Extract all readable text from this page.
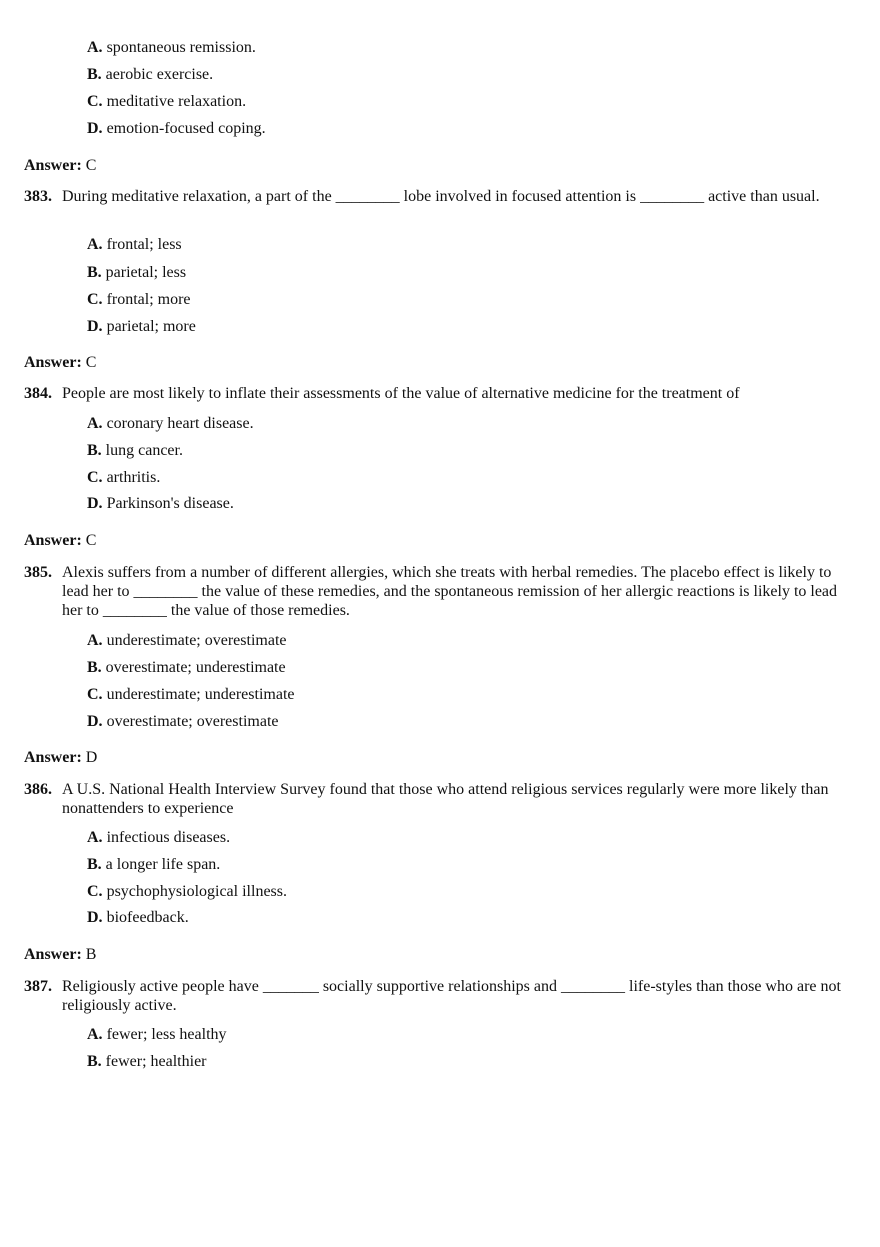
A. spontaneous remission.
B. aerobic exercise.
C. meditative relaxation.
D. emotion-focused coping.
Answer: C
383. During meditative relaxation, a part of the ________ lobe involved in focused attention is ________ active than usual.
A. frontal; less
B. parietal; less
C. frontal; more
D. parietal; more
Answer: C
384. People are most likely to inflate their assessments of the value of alternative medicine for the treatment of
A. coronary heart disease.
B. lung cancer.
C. arthritis.
D. Parkinson's disease.
Answer: C
385. Alexis suffers from a number of different allergies, which she treats with herbal remedies. The placebo effect is likely to lead her to ________ the value of these remedies, and the spontaneous remission of her allergic reactions is likely to lead her to ________ the value of those remedies.
A. underestimate; overestimate
B. overestimate; underestimate
C. underestimate; underestimate
D. overestimate; overestimate
Answer: D
386. A U.S. National Health Interview Survey found that those who attend religious services regularly were more likely than nonattenders to experience
A. infectious diseases.
B. a longer life span.
C. psychophysiological illness.
D. biofeedback.
Answer: B
387. Religiously active people have _______ socially supportive relationships and ________ life-styles than those who are not religiously active.
A. fewer; less healthy
B. fewer; healthier
